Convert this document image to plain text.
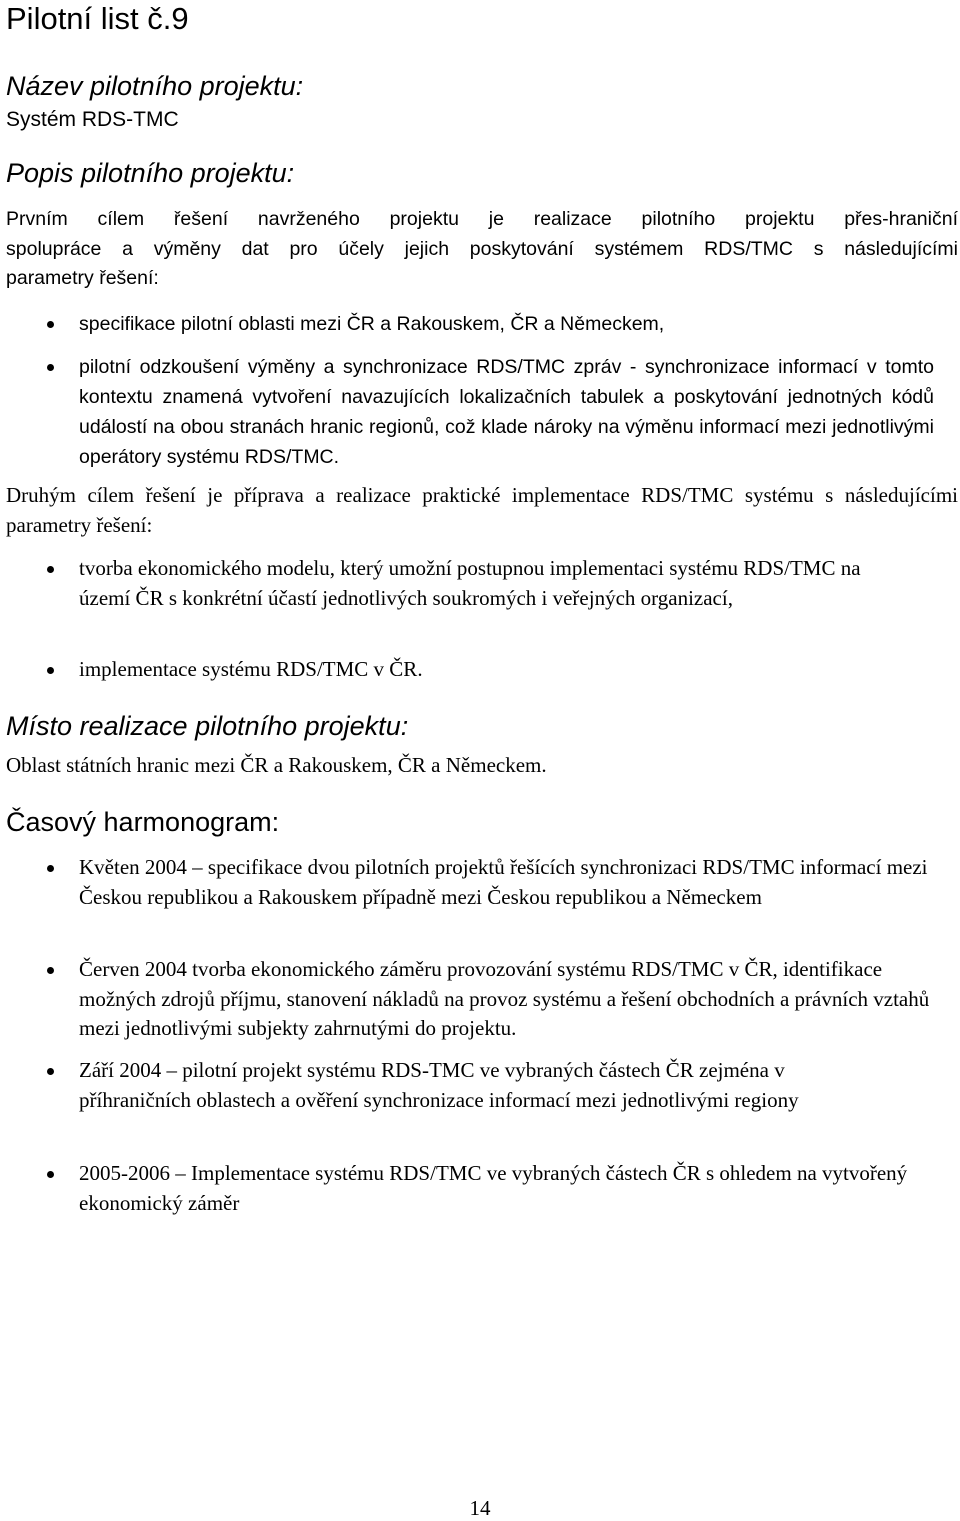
Pilotní list č.9
Název pilotního projektu:
Systém RDS-TMC
Popis pilotního projektu:
Prvním cílem řešení navrženého projektu je realizace pilotního projektu přes-hraniční
spolupráce a výměny dat pro účely jejich poskytování systémem RDS/TMC s následujícími
parametry řešení:
specifikace pilotní oblasti mezi ČR a Rakouskem, ČR a Německem,
pilotní odzkoušení výměny a synchronizace RDS/TMC zpráv - synchronizace informací v tomto kontextu znamená vytvoření navazujících lokalizačních tabulek a poskytování jednotných kódů událostí na obou stranách hranic regionů, což klade nároky na výměnu informací mezi jednotlivými operátory systému RDS/TMC.
Druhým cílem řešení je příprava a realizace praktické implementace RDS/TMC systému s následujícími parametry řešení:
tvorba ekonomického modelu, který umožní postupnou implementaci systému RDS/TMC na území ČR s konkrétní účastí jednotlivých soukromých i veřejných organizací,
implementace systému RDS/TMC v ČR.
Místo realizace pilotního projektu:
Oblast státních hranic mezi ČR a Rakouskem, ČR a Německem.
Časový harmonogram:
Květen 2004 – specifikace dvou pilotních projektů řešících synchronizaci RDS/TMC informací mezi Českou republikou a Rakouskem případně mezi Českou republikou a Německem
Červen 2004 tvorba ekonomického záměru provozování systému RDS/TMC v ČR, identifikace možných zdrojů příjmu, stanovení nákladů na provoz systému a řešení obchodních a právních vztahů mezi jednotlivými subjekty zahrnutými do projektu.
Září 2004 – pilotní projekt systému RDS-TMC ve vybraných částech ČR zejména v příhraničních oblastech a ověření synchronizace informací mezi jednotlivými regiony
2005-2006 – Implementace systému RDS/TMC ve vybraných částech ČR s ohledem na vytvořený ekonomický záměr
14
